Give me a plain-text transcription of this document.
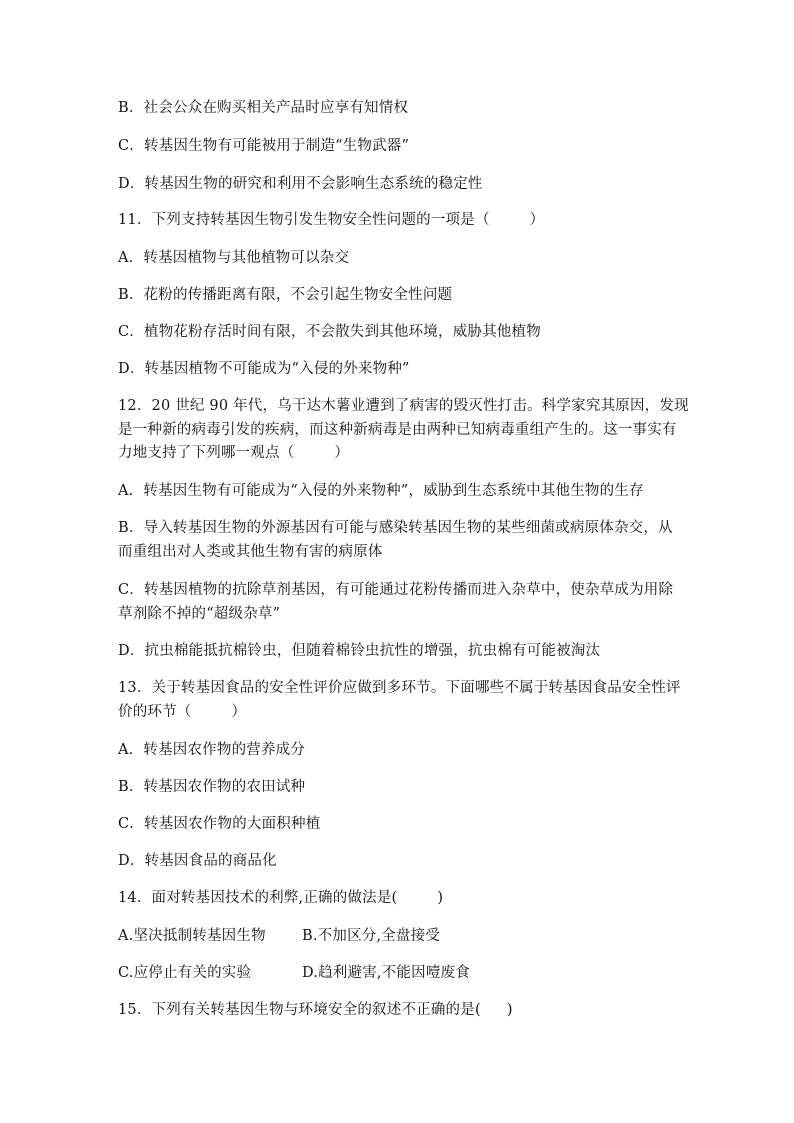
B．社会公众在购买相关产品时应享有知情权
C．转基因生物有可能被用于制造“生物武器”
D．转基因生物的研究和利用不会影响生态系统的稳定性
11．下列支持转基因生物引发生物安全性问题的一项是（	）
A．转基因植物与其他植物可以杂交
B．花粉的传播距离有限，不会引起生物安全性问题
C．植物花粉存活时间有限，不会散失到其他环境，威胁其他植物
D．转基因植物不可能成为“入侵的外来物种”
12．20 世纪 90 年代，乌干达木薯业遭到了病害的毁灭性打击。科学家究其原因，发现
是一种新的病毒引发的疾病，而这种新病毒是由两种已知病毒重组产生的。这一事实有
力地支持了下列哪一观点（	）
A．转基因生物有可能成为“入侵的外来物种”，威胁到生态系统中其他生物的生存
B．导入转基因生物的外源基因有可能与感染转基因生物的某些细菌或病原体杂交，从
而重组出对人类或其他生物有害的病原体
C．转基因植物的抗除草剂基因，有可能通过花粉传播而进入杂草中，使杂草成为用除
草剂除不掉的“超级杂草”
D．抗虫棉能抵抗棉铃虫，但随着棉铃虫抗性的增强，抗虫棉有可能被淘汰
13．关于转基因食品的安全性评价应做到多环节。下面哪些不属于转基因食品安全性评
价的环节（	）
A．转基因农作物的营养成分
B．转基因农作物的农田试种
C．转基因农作物的大面积种植
D．转基因食品的商品化
14．面对转基因技术的利弊,正确的做法是(	)
A.坚决抵制转基因生物 B.不加区分,全盘接受
C.应停止有关的实验	D.趋利避害,不能因噎废食
15．下列有关转基因生物与环境安全的叙述不正确的是( )
